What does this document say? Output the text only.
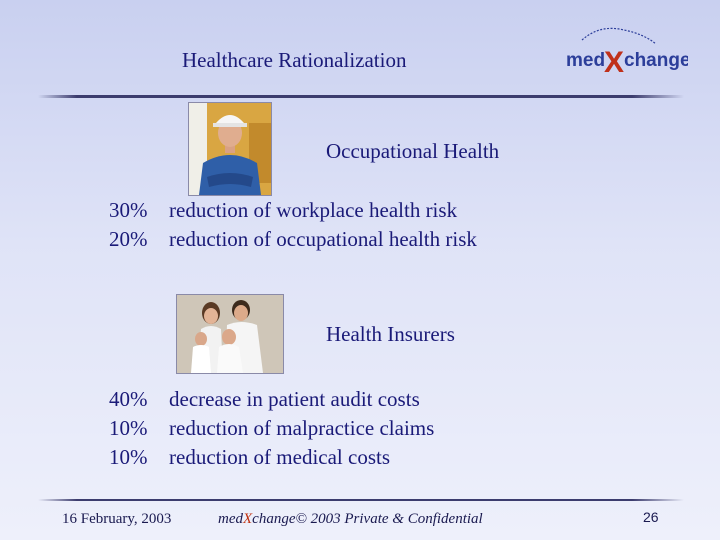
Healthcare Rationalization	med
X change
Occupational Health
30% reduction of workplace health risk
20% reduction of occupational health risk
Health Insurers
40% decrease in patient audit costs
10% reduction of malpractice claims
10% reduction of medical costs
16 February, 2003	medXchange© 2003 Private & Confidential	26
